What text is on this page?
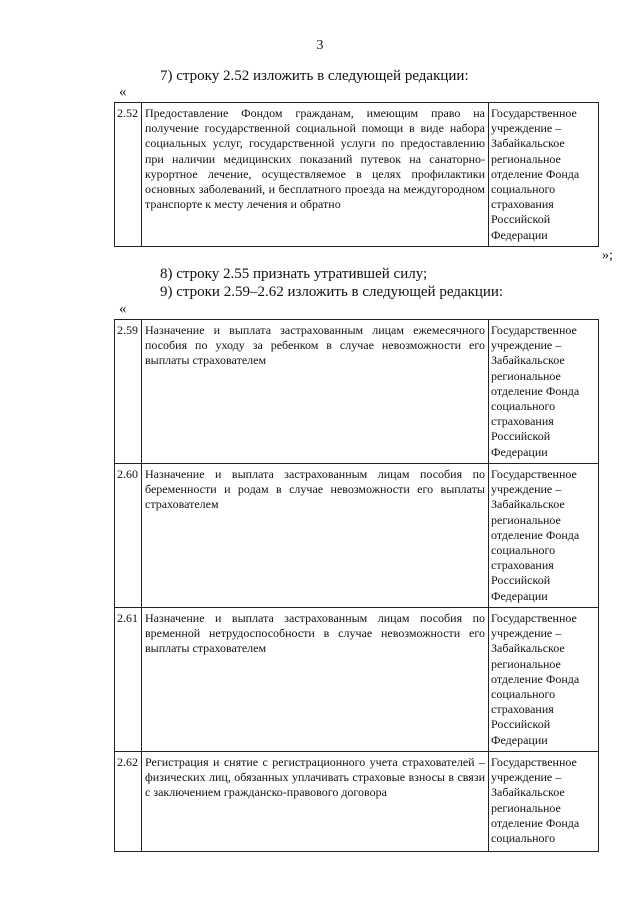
3
7) строку 2.52 изложить в следующей редакции:
«
2.52	Предоставление Фондом гражданам, имеющим право на получение государственной социальной помощи в виде набора социальных услуг, государственной услуги по предоставлению при наличии медицинских показаний путевок на санаторно-курортное лечение, осуществляемое в целях профилактики основных заболеваний, и бесплатного проезда на междугородном транспорте к месту лечения и обратно	Государственное учреждение – Забайкальское региональное отделение Фонда социального страхования Российской Федерации
»;
8) строку 2.55 признать утратившей силу;
9) строки 2.59–2.62 изложить в следующей редакции:
«
2.59	Назначение и выплата застрахованным лицам ежемесячного пособия по уходу за ребенком в случае невозможности его выплаты страхователем	Государственное учреждение – Забайкальское региональное отделение Фонда социального страхования Российской Федерации
2.60	Назначение и выплата застрахованным лицам пособия по беременности и родам в случае невозможности его выплаты страхователем	Государственное учреждение – Забайкальское региональное отделение Фонда социального страхования Российской Федерации
2.61	Назначение и выплата застрахованным лицам пособия по временной нетрудоспособности в случае невозможности его выплаты страхователем	Государственное учреждение – Забайкальское региональное отделение Фонда социального страхования Российской Федерации
2.62	Регистрация и снятие с регистрационного учета страхователей – физических лиц, обязанных уплачивать страховые взносы в связи с заключением гражданско-правового договора	Государственное учреждение – Забайкальское региональное отделение Фонда социального
